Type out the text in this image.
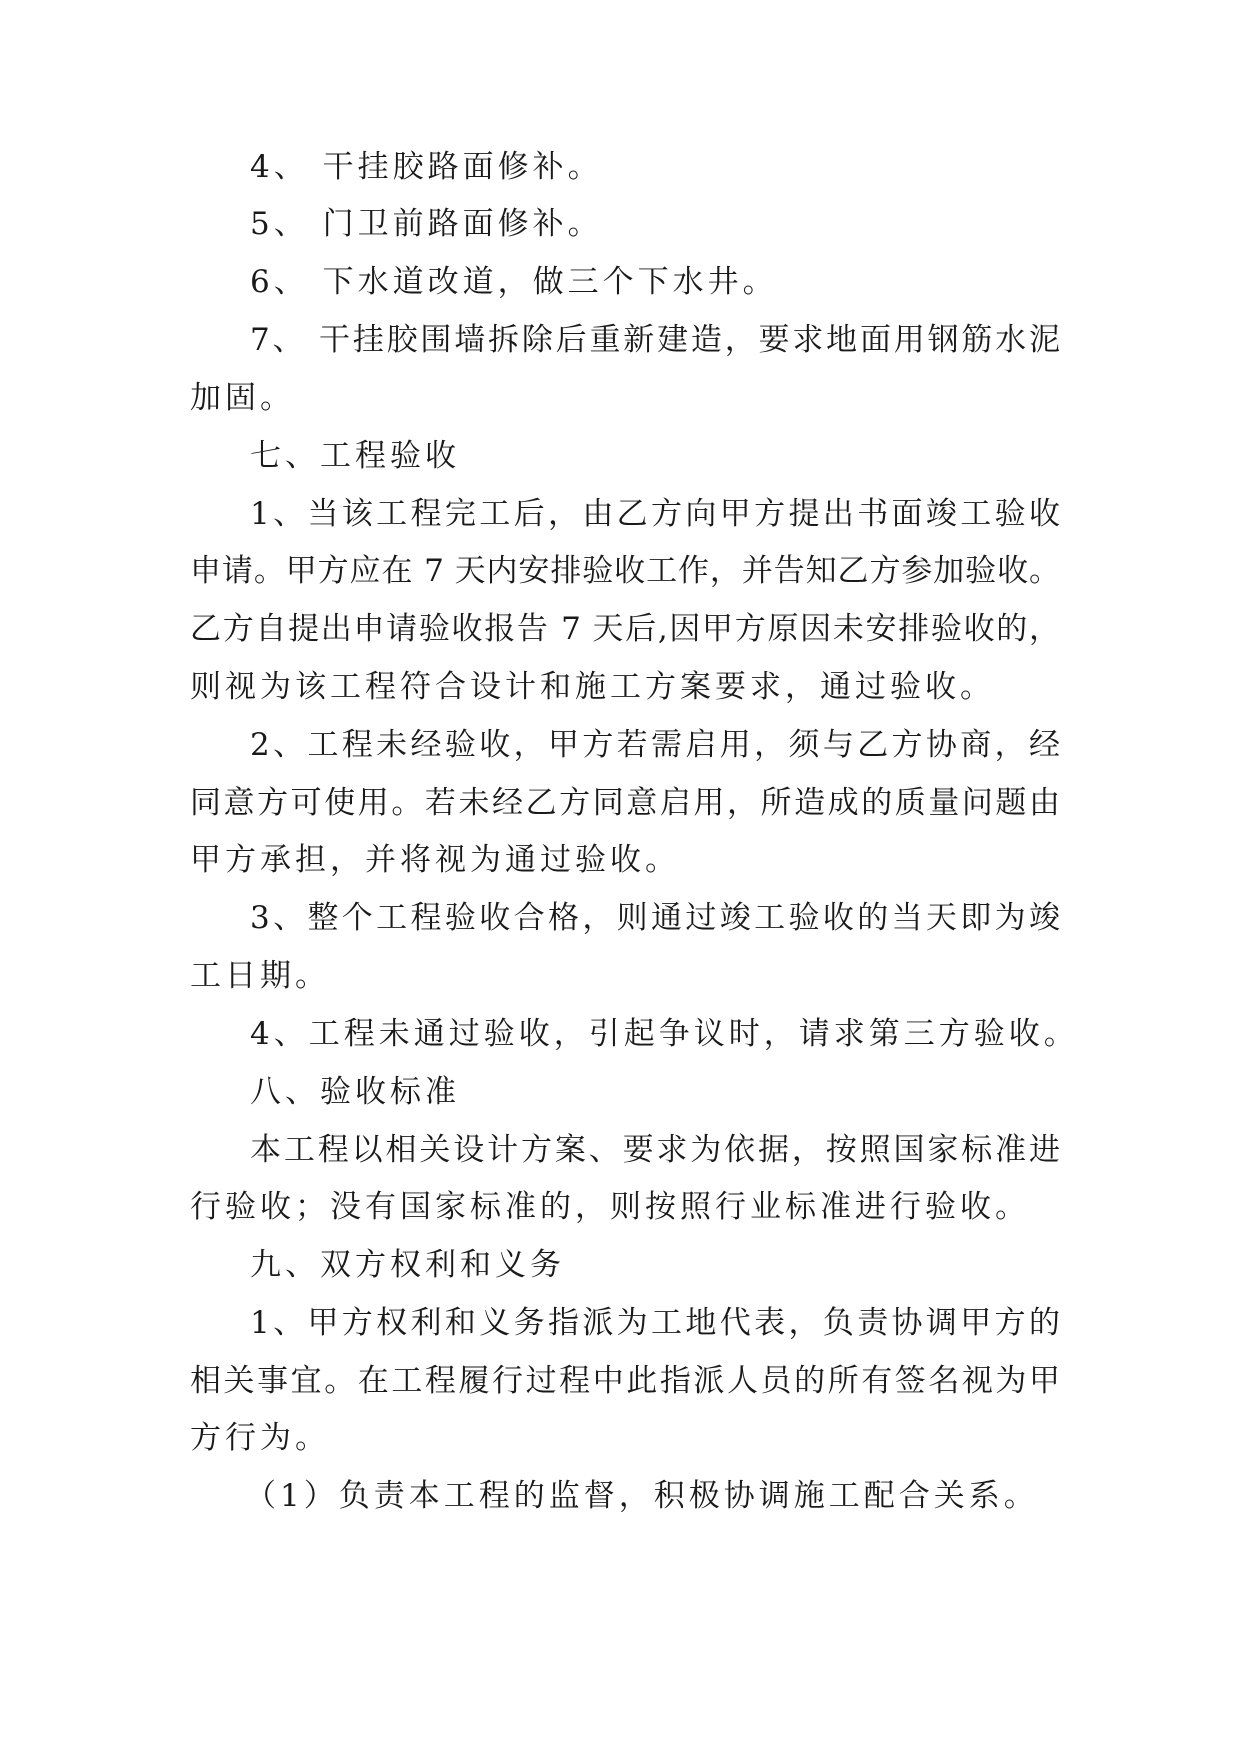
4、 干挂胶路面修补。
5、 门卫前路面修补。
6、 下水道改道，做三个下水井。
7、 干挂胶围墙拆除后重新建造，要求地面用钢筋水泥
加固。
七、工程验收
1、当该工程完工后，由乙方向甲方提出书面竣工验收
申请。甲方应在 7 天内安排验收工作，并告知乙方参加验收。
乙方自提出申请验收报告 7 天后,因甲方原因未安排验收的，
则视为该工程符合设计和施工方案要求，通过验收。
2、工程未经验收，甲方若需启用，须与乙方协商，经
同意方可使用。若未经乙方同意启用，所造成的质量问题由
甲方承担，并将视为通过验收。
3、整个工程验收合格，则通过竣工验收的当天即为竣
工日期。
4、工程未通过验收，引起争议时，请求第三方验收。
八、验收标准
本工程以相关设计方案、要求为依据，按照国家标准进
行验收；没有国家标准的，则按照行业标准进行验收。
九、双方权利和义务
1、甲方权利和义务指派为工地代表，负责协调甲方的
相关事宜。在工程履行过程中此指派人员的所有签名视为甲
方行为。
（1）负责本工程的监督，积极协调施工配合关系。
